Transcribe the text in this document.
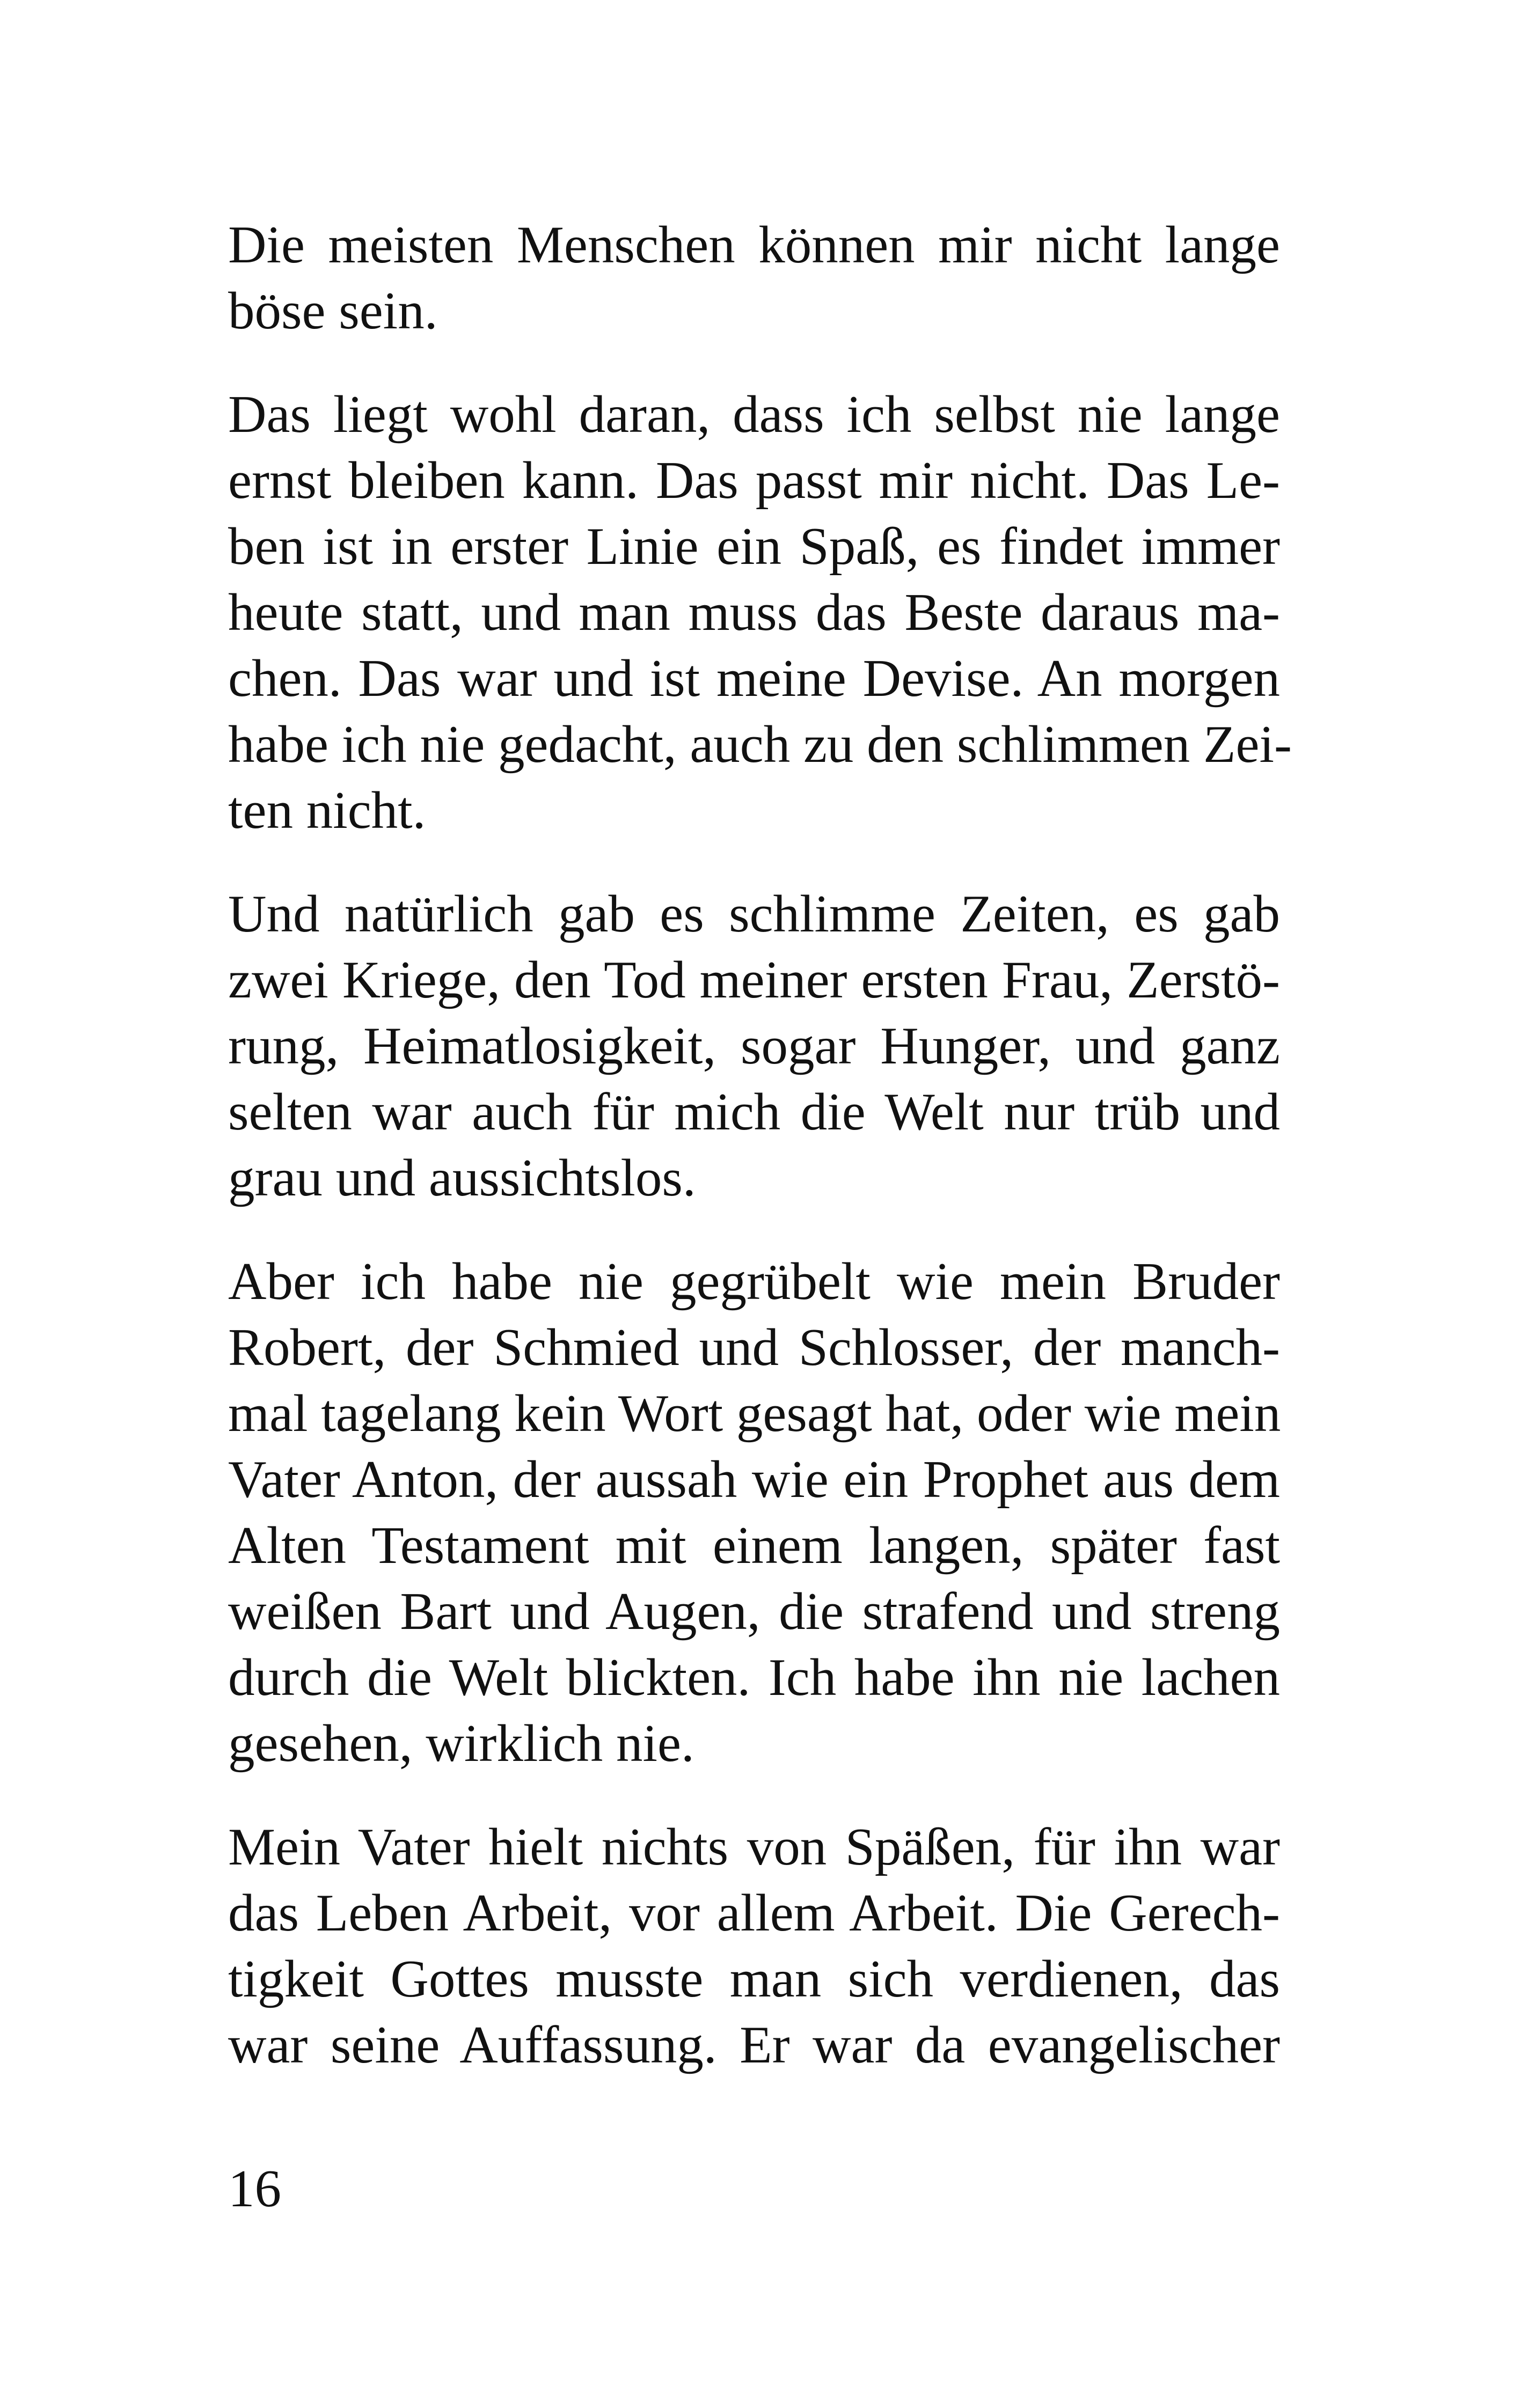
Die meisten Menschen können mir nicht lange
böse sein.

Das liegt wohl daran, dass ich selbst nie lange
ernst bleiben kann. Das passt mir nicht. Das Le-
ben ist in erster Linie ein Spaß, es findet immer
heute statt, und man muss das Beste daraus ma-
chen. Das war und ist meine Devise. An morgen
habe ich nie gedacht, auch zu den schlimmen Zei-
ten nicht.

Und natürlich gab es schlimme Zeiten, es gab
zwei Kriege, den Tod meiner ersten Frau, Zerstö-
rung, Heimatlosigkeit, sogar Hunger, und ganz
selten war auch für mich die Welt nur trüb und
grau und aussichtslos.

Aber ich habe nie gegrübelt wie mein Bruder
Robert, der Schmied und Schlosser, der manch-
mal tagelang kein Wort gesagt hat, oder wie mein
Vater Anton, der aussah wie ein Prophet aus dem
Alten Testament mit einem langen, später fast
weißen Bart und Augen, die strafend und streng
durch die Welt blickten. Ich habe ihn nie lachen
gesehen, wirklich nie.

Mein Vater hielt nichts von Späßen, für ihn war
das Leben Arbeit, vor allem Arbeit. Die Gerech-
tigkeit Gottes musste man sich verdienen, das
war seine Auffassung. Er war da evangelischer

16
